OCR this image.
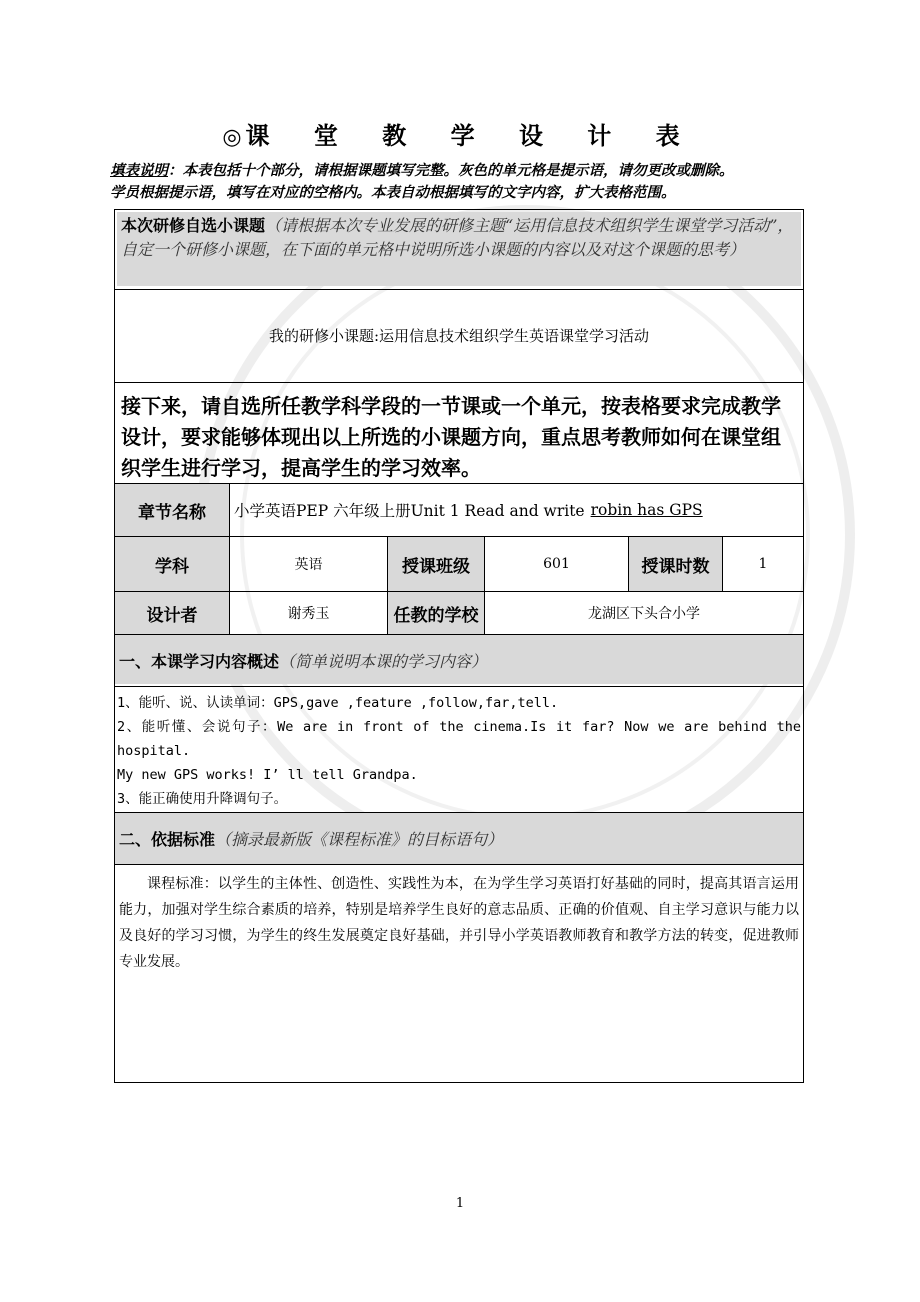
◎课 堂 教 学 设 计 表
填表说明：本表包括十个部分，请根据课题填写完整。灰色的单元格是提示语，请勿更改或删除。
学员根据提示语，填写在对应的空格内。本表自动根据填写的文字内容，扩大表格范围。
本次研修自选小课题（请根据本次专业发展的研修主题“运用信息技术组织学生课堂学习活动”，自定一个研修小课题，在下面的单元格中说明所选小课题的内容以及对这个课题的思考）
我的研修小课题:运用信息技术组织学生英语课堂学习活动
接下来，请自选所任教学科学段的一节课或一个单元，按表格要求完成教学设计，要求能够体现出以上所选的小课题方向，重点思考教师如何在课堂组织学生进行学习，提高学生的学习效率。
章节名称	小学英语PEP 六年级上册Unit 1 Read and write robin has GPS
学科	英语	授课班级	601	授课时数	1
设计者	谢秀玉	任教的学校	龙湖区下头合小学
一、本课学习内容概述（简单说明本课的学习内容）

1、能听、说、认读单词：GPS,gave ,feature ,follow,far,tell.

2、能听懂、会说句子：We are in front of the cinema.Is it far? Now we are behind the

hospital.

My new GPS works! I’ ll tell Grandpa.

3、能正确使用升降调句子。

二、依据标准（摘录最新版《课程标准》的目标语句）
课程标准：以学生的主体性、创造性、实践性为本，在为学生学习英语打好基础的同时，提高其语言运用能力，加强对学生综合素质的培养，特别是培养学生良好的意志品质、正确的价值观、自主学习意识与能力以及良好的学习习惯，为学生的终生发展奠定良好基础，并引导小学英语教师教育和教学方法的转变，促进教师专业发展。
1
